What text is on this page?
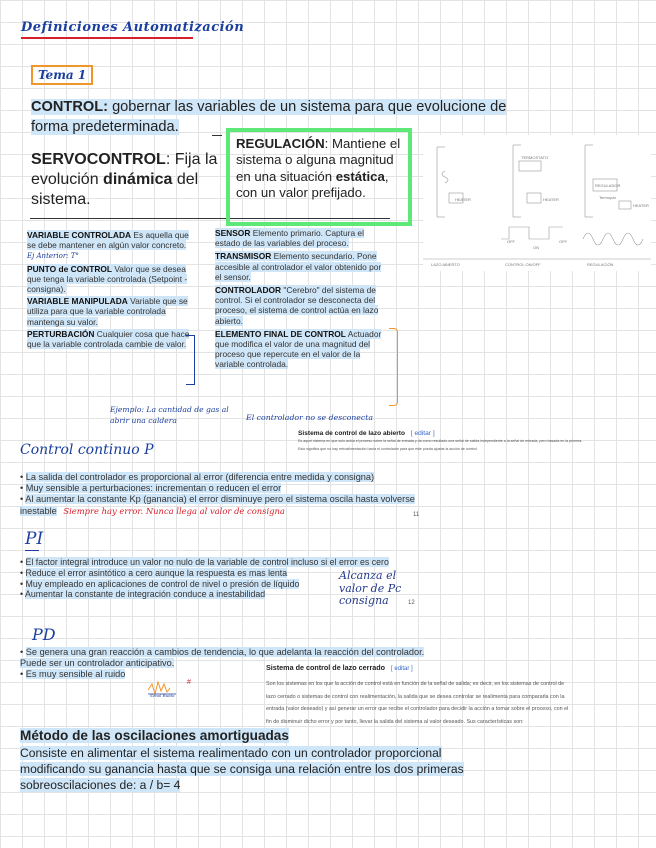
Definiciones Automatización
Tema 1
CONTROL: gobernar las variables de un sistema para que evolucione de forma predeterminada.
SERVOCONTROL: Fija la evolución dinámica del sistema.
REGULACIÓN: Mantiene el sistema o alguna magnitud en una situación estática, con un valor prefijado.	HEATER
TERMOSTATO
HEATER
REGULADOR
Termopar
HEATER
OFF
ON
OFF
LAZO ABIERTO	CONTROL ON/OFF	REGULACIÓN

VARIABLE CONTROLADA Es aquella que se debe mantener en algún valor concreto. Ej Anterior: T°

PUNTO de CONTROL Valor que se desea que tenga la variable controlada (Setpoint - consigna).

VARIABLE MANIPULADA Variable que se utiliza para que la variable controlada mantenga su valor.

PERTURBACIÓN Cualquier cosa que hace que la variable controlada cambie de valor.

SENSOR Elemento primario. Captura el estado de las variables del proceso.

TRANSMISOR Elemento secundario. Pone accesible al controlador el valor obtenido por el sensor.

CONTROLADOR "Cerebro" del sistema de control. Si el controlador se desconecta del proceso, el sistema de control actúa en lazo abierto.

ELEMENTO FINAL DE CONTROL Actuador que modifica el valor de una magnitud del proceso que repercute en el valor de la variable controlada.

Ejemplo: La cantidad de gas al abrir una caldera	El controlador no se desconecta
Sistema de control de lazo abierto [ editar ]
Es aquel sistema en que solo actúa el proceso sobre la señal de entrada y da como resultado una señal de salida independiente a la señal de entrada, pero basada en la primera.
Esto significa que no hay retroalimentación hacia el controlador para que éste pueda ajustar la acción de control.
Control continuo P

• La salida del controlador es proporcional al error (diferencia entre medida y consigna)

• Muy sensible a perturbaciones: incrementan o reducen el error

• Al aumentar la constante Kp (ganancia) el error disminuye pero el sistema oscila hasta volverse inestable Siempre hay error. Nunca llega al valor de consigna	11
PI

• El factor integral introduce un valor no nulo de la variable de control incluso si el error es cero

• Reduce el error asintótico a cero aunque la respuesta es mas lenta

• Muy empleado en aplicaciones de control de nivel o presión de líquido

• Aumentar la constante de integración conduce a inestabilidad

Alcanza el valor de Pc consigna	12
PD

• Se genera una gran reacción a cambios de tendencia, lo que adelanta la reacción del controlador. Puede ser un controlador anticipativo.

• Es muy sensible al ruido

Señal Ruido
#
Sistema de control de lazo cerrado [ editar ]
Son los sistemas en los que la acción de control está en función de la señal de salida; es decir, en los sistemas de control de
lazo cerrado o sistemas de control con realimentación, la salida que se desea controlar se realimenta para compararla con la
entrada (valor deseado) y así generar un error que recibe el controlador para decidir la acción a tomar sobre el proceso, con el
fin de disminuir dicho error y por tanto, llevar la salida del sistema al valor deseado. Sus características son:
Método de las oscilaciones amortiguadas
Consiste en alimentar el sistema realimentado con un controlador proporcional modificando su ganancia hasta que se consiga una relación entre los dos primeras sobreoscilaciones de: a / b= 4
